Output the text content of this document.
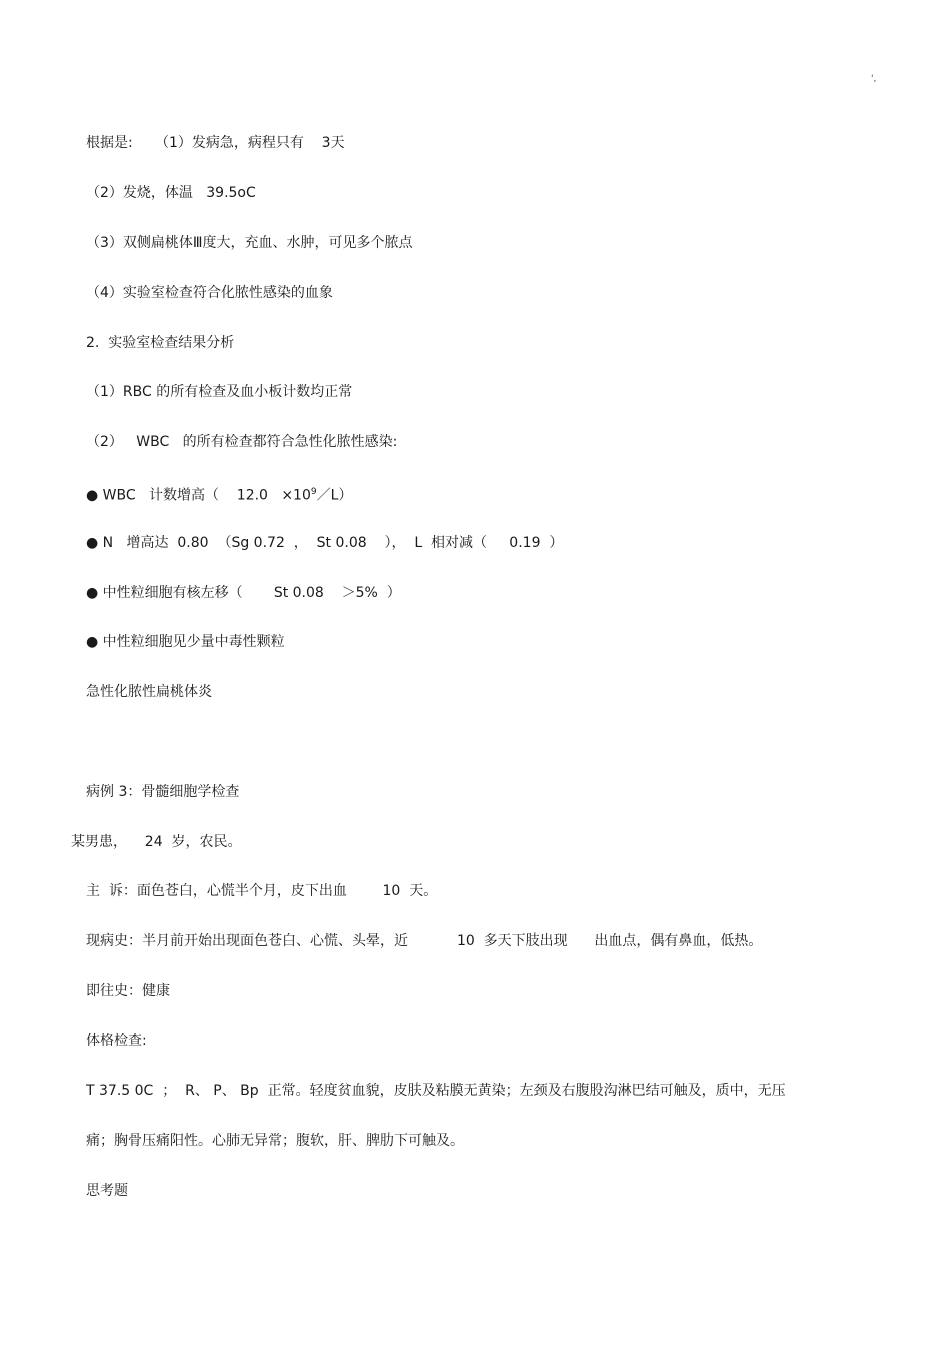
',
根据是:     （1）发病急，病程只有    3天
（2）发烧，体温   39.5oC
（3）双侧扁桃体Ⅲ度大，充血、水肿，可见多个脓点
（4）实验室检查符合化脓性感染的血象
2.  实验室检查结果分析
（1）RBC 的所有检查及血小板计数均正常
（2）   WBC   的所有检查都符合急性化脓性感染:
● WBC   计数增高（    $12.0 \times 10^9/L$）
● N   增高达  0.80  （Sg 0.72  ，  St 0.08    ），  L  相对减（     0.19  ）
● 中性粒细胞有核左移（       St 0.08    ＞5%  ）
● 中性粒细胞见少量中毒性颗粒
急性化脓性扁桃体炎
病例 3：骨髓细胞学检查
某男患，    24  岁，农民。
主  诉：面色苍白，心慌半个月，皮下出血        10  天。
现病史：半月前开始出现面色苍白、心慌、头晕，近           10  多天下肢出现      出血点，偶有鼻血，低热。
即往史：健康
体格检查:
T 37.5 0C  ；  R、 P、 Bp  正常。轻度贫血貌，皮肤及粘膜无黄染；左颈及右腹股沟淋巴结可触及，质中，无压
痛；胸骨压痛阳性。心肺无异常；腹软，肝、脾肋下可触及。
思考题
